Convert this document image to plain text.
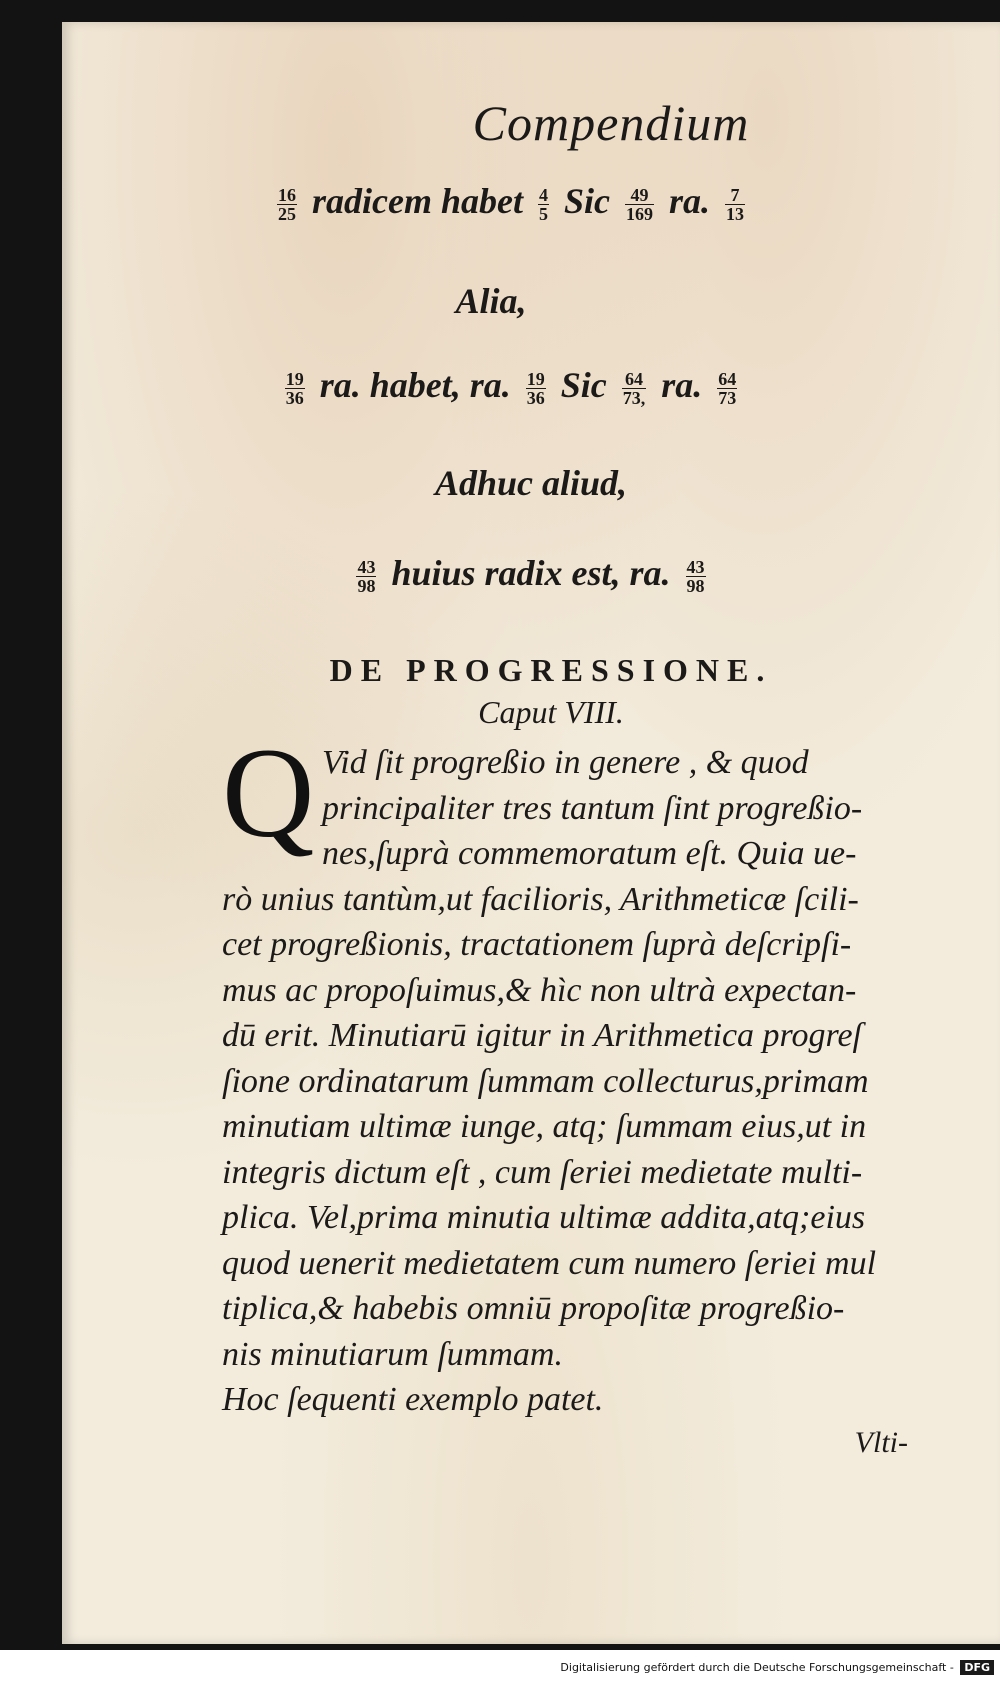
Compendium
$\frac{16}{25}$ radicem habet $\frac{4}{5}$ Sic $\frac{49}{169}$ ra. $\frac{7}{13}$
Alia,
$\frac{19}{36}$ ra. habet, ra. $\frac{19}{36}$ Sic $\frac{64}{73,}$ ra. $\frac{64}{73}$
Adhuc aliud,
$\frac{43}{98}$ huius radix est, ra. $\frac{43}{98}$
DE PROGRESSIONE.
Caput VIII.
Q Vid ſit progreßio in genere , & quod
principaliter tres tantum ſint progreßio-
nes,ſuprà commemoratum eſt. Quia ue-
rò unius tantùm,ut facilioris, Arithmeticæ ſcili-
cet progreßionis, tractationem ſuprà deſcripſi-
mus ac propoſuimus,& hìc non ultrà expectan-
dū erit. Minutiarū igitur in Arithmetica progreſ
ſione ordinatarum ſummam collecturus,primam
minutiam ultimæ iunge, atq; ſummam eius,ut in
integris dictum eſt , cum ſeriei medietate multi-
plica. Vel,prima minutia ultimæ addita,atq;eius
quod uenerit medietatem cum numero ſeriei mul
tiplica,& habebis omniū propoſitæ progreßio-
nis minutiarum ſummam.
Hoc ſequenti exemplo patet.
Vlti-
Digitalisierung gefördert durch die Deutsche Forschungsgemeinschaft - DFG
